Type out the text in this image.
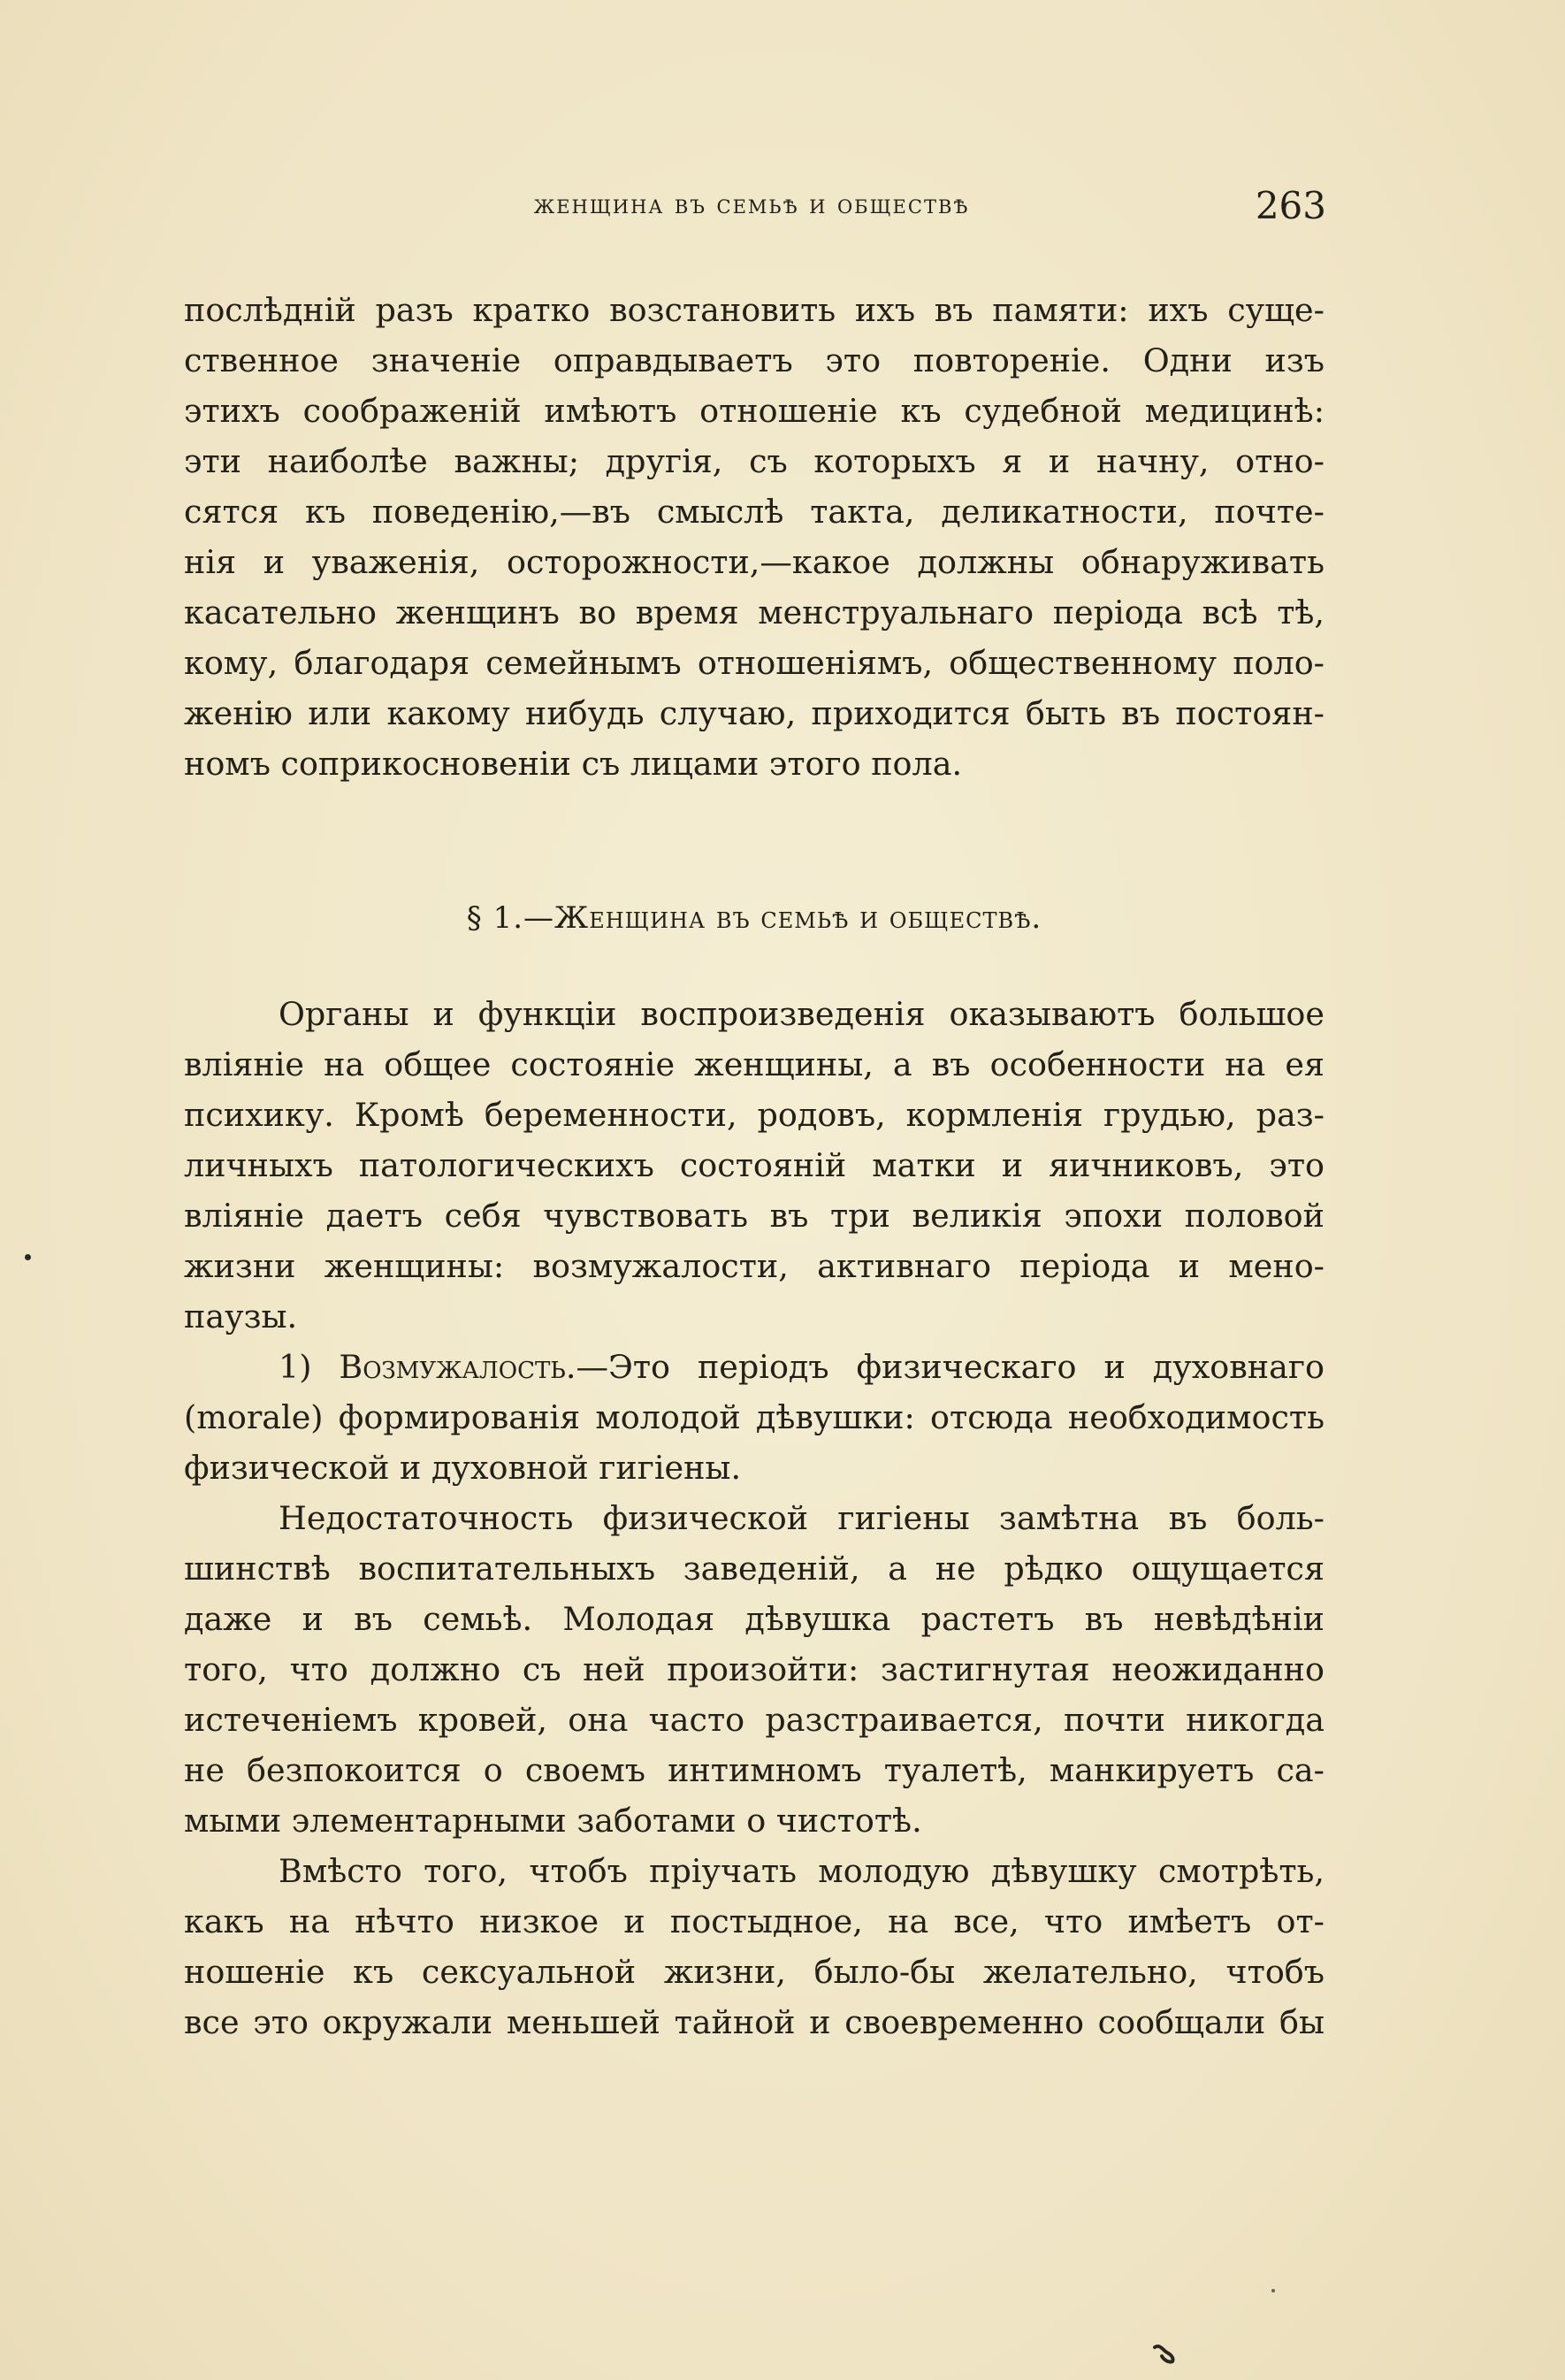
женщина въ семьѣ и обществѣ	263
послѣдній разъ кратко возстановить ихъ въ памяти: ихъ суще-
ственное значеніе оправдываетъ это повтореніе. Одни изъ
этихъ соображеній имѣютъ отношеніе къ судебной медицинѣ:
эти наиболѣе важны; другія, съ которыхъ я и начну, отно-
сятся къ поведенію,—въ смыслѣ такта, деликатности, почте-
нія и уваженія, осторожности,—какое должны обнаруживать
касательно женщинъ во время менструальнаго періода всѣ тѣ,
кому, благодаря семейнымъ отношеніямъ, общественному поло-
женію или какому нибудь случаю, приходится быть въ постоян-
номъ соприкосновеніи съ лицами этого пола.
§ 1.—Женщина въ семьѣ и обществѣ.
Органы и функціи воспроизведенія оказываютъ большое
вліяніе на общее состояніе женщины, а въ особенности на ея
психику. Кромѣ беременности, родовъ, кормленія грудью, раз-
личныхъ патологическихъ состояній матки и яичниковъ, это
вліяніе даетъ себя чувствовать въ три великія эпохи половой
жизни женщины: возмужалости, активнаго періода и мено-
паузы.
1) Возмужалость.—Это періодъ физическаго и духовнаго
(morale) формированія молодой дѣвушки: отсюда необходимость
физической и духовной гигіены.
Недостаточность физической гигіены замѣтна въ боль-
шинствѣ воспитательныхъ заведеній, а не рѣдко ощущается
даже и въ семьѣ. Молодая дѣвушка растетъ въ невѣдѣніи
того, что должно съ ней произойти: застигнутая неожиданно
истеченіемъ кровей, она часто разстраивается, почти никогда
не безпокоится о своемъ интимномъ туалетѣ, манкируетъ са-
мыми элементарными заботами о чистотѣ.
Вмѣсто того, чтобъ пріучать молодую дѣвушку смотрѣть,
какъ на нѣчто низкое и постыдное, на все, что имѣетъ от-
ношеніе къ сексуальной жизни, было-бы желательно, чтобъ
все это окружали меньшей тайной и своевременно сообщали бы
